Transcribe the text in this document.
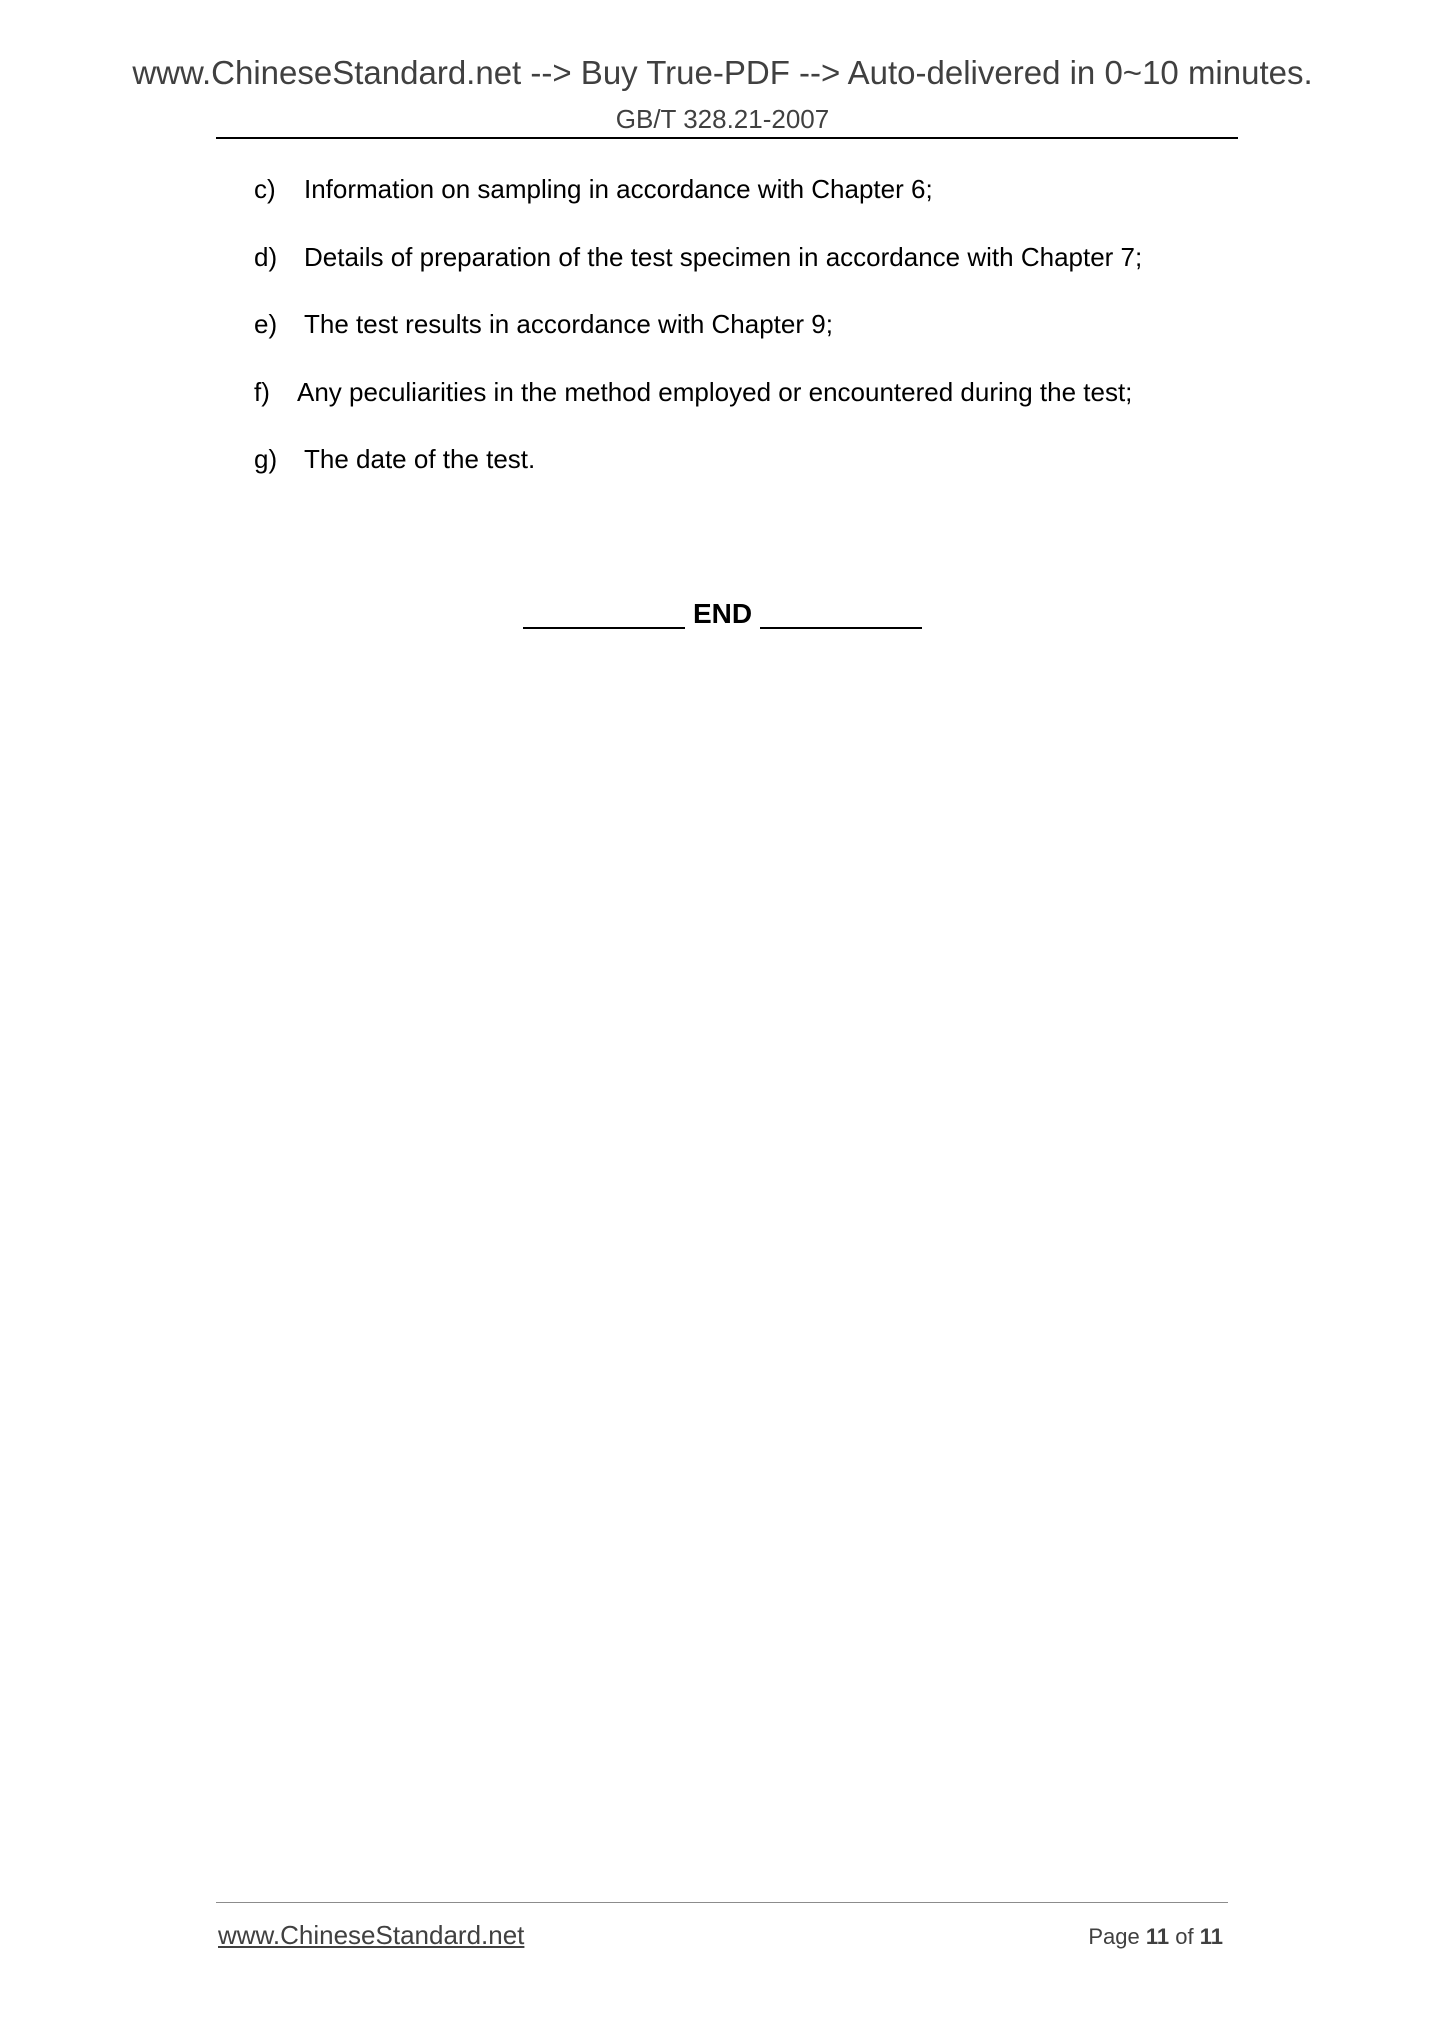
www.ChineseStandard.net --> Buy True-PDF --> Auto-delivered in 0~10 minutes.
GB/T 328.21-2007
c)	Information on sampling in accordance with Chapter 6;
d)	Details of preparation of the test specimen in accordance with Chapter 7;
e)	The test results in accordance with Chapter 9;
f)	Any peculiarities in the method employed or encountered during the test;
g)	The date of the test.
END
www.ChineseStandard.net	Page 11 of 11
